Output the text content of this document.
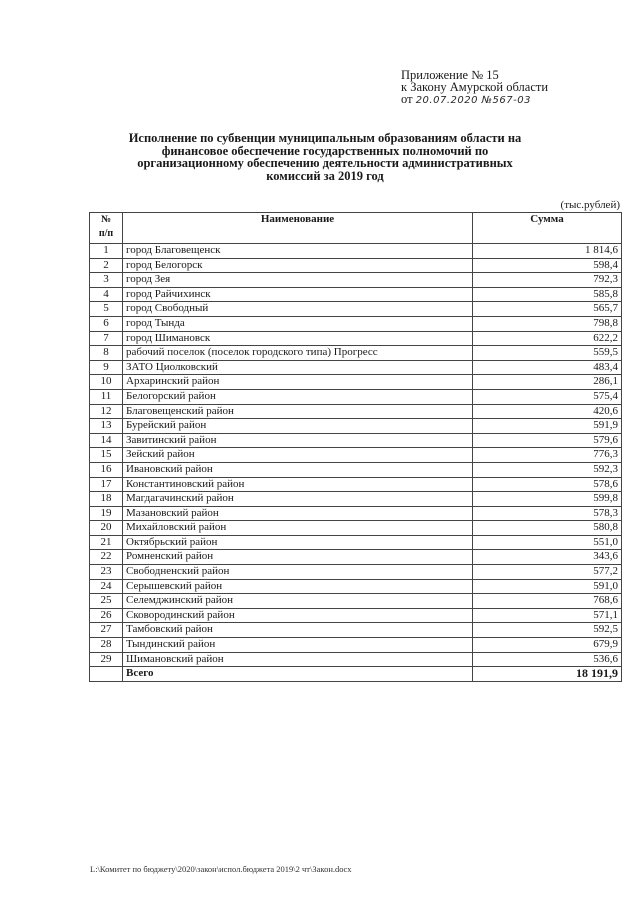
Приложение № 15
к Закону Амурской области
от 20.07.2020 №567-03
Исполнение по субвенции муниципальным образованиям области на финансовое обеспечение государственных полномочий по организационному обеспечению деятельности административных комиссий за 2019 год
(тыс.рублей)
№
п/п	Наименование	Сумма
1	город Благовещенск	1 814,6
2	город Белогорск	598,4
3	город Зея	792,3
4	город Райчихинск	585,8
5	город Свободный	565,7
6	город Тында	798,8
7	город Шимановск	622,2
8	рабочий поселок (поселок городского типа) Прогресс	559,5
9	ЗАТО Циолковский	483,4
10	Архаринский район	286,1
11	Белогорский район	575,4
12	Благовещенский район	420,6
13	Бурейский район	591,9
14	Завитинский район	579,6
15	Зейский район	776,3
16	Ивановский район	592,3
17	Константиновский район	578,6
18	Магдагачинский район	599,8
19	Мазановский район	578,3
20	Михайловский район	580,8
21	Октябрьский район	551,0
22	Ромненский район	343,6
23	Свободненский район	577,2
24	Серышевский район	591,0
25	Селемджинский район	768,6
26	Сковородинский район	571,1
27	Тамбовский район	592,5
28	Тындинский район	679,9
29	Шимановский район	536,6
	Всего	18 191,9
L:\Комитет по бюджету\2020\закон\испол.бюджета 2019\2 чт\Закон.docx
